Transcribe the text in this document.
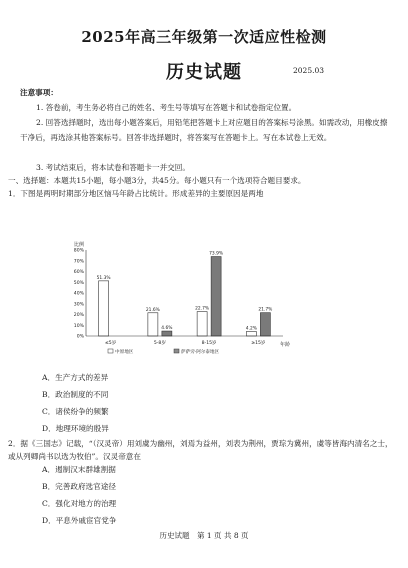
2025年高三年级第一次适应性检测
历史试题	2025.03
注意事项：
1. 答卷前，考生务必将自己的姓名、考生号等填写在答题卡和试卷指定位置。
2. 回答选择题时，选出每小题答案后，用铅笔把答题卡上对应题目的答案标号涂黑。如需改动，用橡皮擦干净后，再选涂其他答案标号。回答非选择题时，将答案写在答题卡上。写在本试卷上无效。
3. 考试结束后，将本试卷和答题卡一并交回。
一、选择题：本题共15小题，每小题3分，共45分。每小题只有一个选项符合题目要求。
1．下图是两明时期部分地区恼马年龄占比统计。形成差异的主要原因是两地
比例
0%
10%
20%
30%
40%
50%
60%
70%
80%
51.3%
≤5岁
21.6%
4.6%
5-8岁
22.7%
73.9%
8-15岁
4.2%
21.7%
≥15岁	年龄
中原地区	萨萨旁·阿尔泰地区
A．生产方式的差异
B．政治制度的不同
C．诸侯纷争的频繁
D．地理环境的殷异
2．据《三国志》记载，“（汉灵帝）用刘虞为幽州，刘焉为益州，刘表为荆州，贾琮为冀州，虞等皆海内清名之士，或从列卿尚书以选为牧伯”。汉灵帝意在
A．遏制汉末群雄割据
B．完善政府选官途径
C．强化对地方的治理
D．平息外戚宦官党争
历史试题　第 1 页 共 8 页
